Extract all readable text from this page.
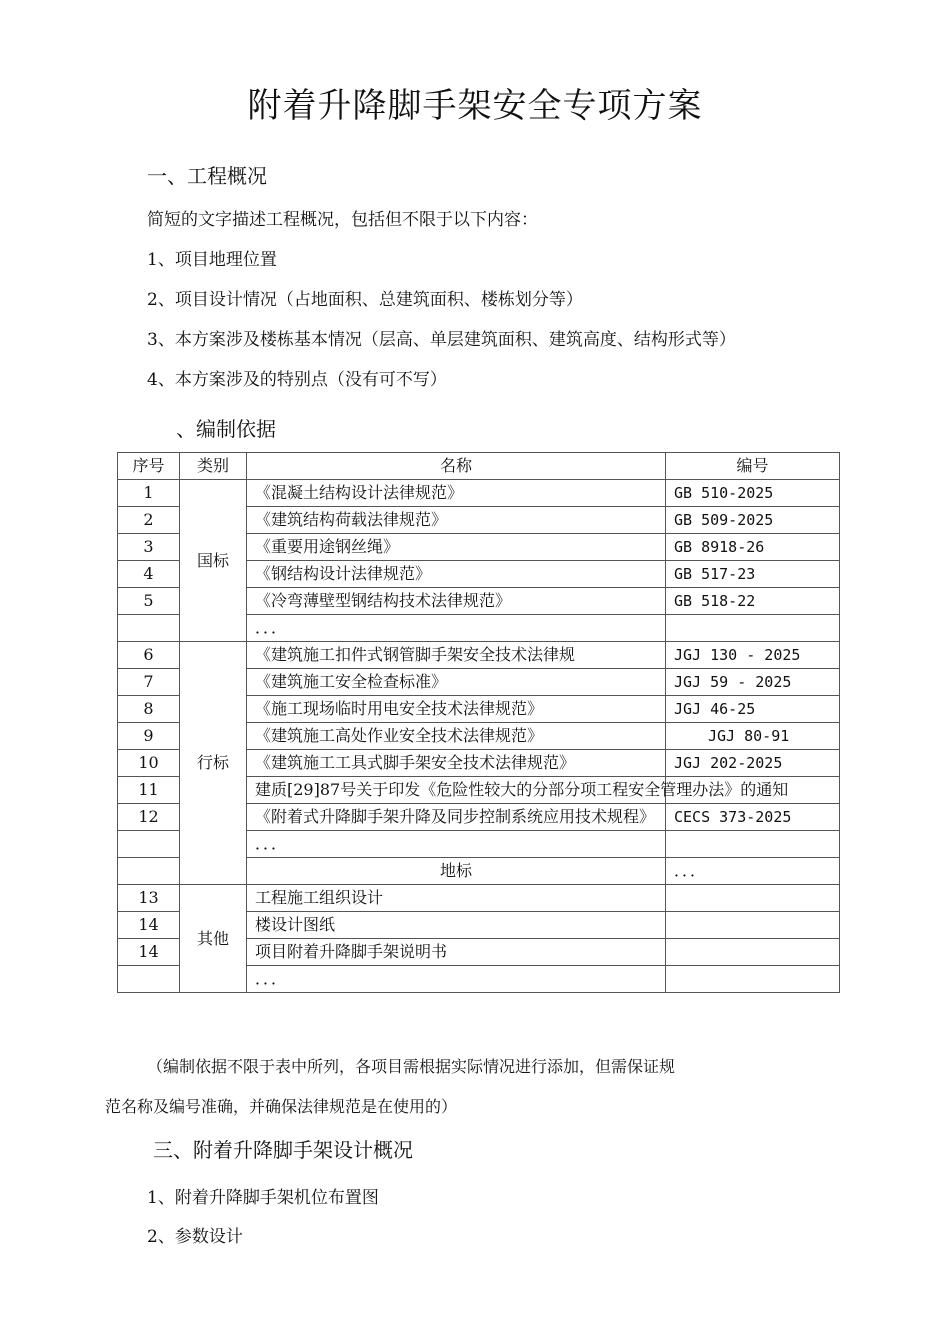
附着升降脚手架安全专项方案
一、工程概况
简短的文字描述工程概况，包括但不限于以下内容：
1、项目地理位置
2、项目设计情况（占地面积、总建筑面积、楼栋划分等）
3、本方案涉及楼栋基本情况（层高、单层建筑面积、建筑高度、结构形式等）
4、本方案涉及的特别点（没有可不写）
、编制依据
序号	类别	名称	编号	
1	国标	《混凝土结构设计法律规范》	GB 510-2025	
2		《建筑结构荷载法律规范》	GB 509-2025	
3		《重要用途钢丝绳》	GB 8918-26	
4		《钢结构设计法律规范》	GB 517-23	
5		《冷弯薄壁型钢结构技术法律规范》	GB 518-22	
		．．．		
6	行标	《建筑施工扣件式钢管脚手架安全技术法律规	JGJ 130 - 2025	
7		《建筑施工安全检查标准》	JGJ 59 - 2025	
8		《施工现场临时用电安全技术法律规范》	JGJ 46-25	
9		《建筑施工高处作业安全技术法律规范》	JGJ 80-91	
10		《建筑施工工具式脚手架安全技术法律规范》	JGJ 202-2025	
11		建质[29]87号关于印发《危险性较大的分部分项工程安全管理办法》的通知		
12		《附着式升降脚手架升降及同步控制系统应用技术规程》	CECS 373-2025	
		．．．		
		地标	．．．	
13	其他	工程施工组织设计		
14		楼设计图纸		
14		项目附着升降脚手架说明书		
		．．．		
（编制依据不限于表中所列，各项目需根据实际情况进行添加，但需保证规
范名称及编号准确，并确保法律规范是在使用的）
三、附着升降脚手架设计概况
1、附着升降脚手架机位布置图
2、参数设计
